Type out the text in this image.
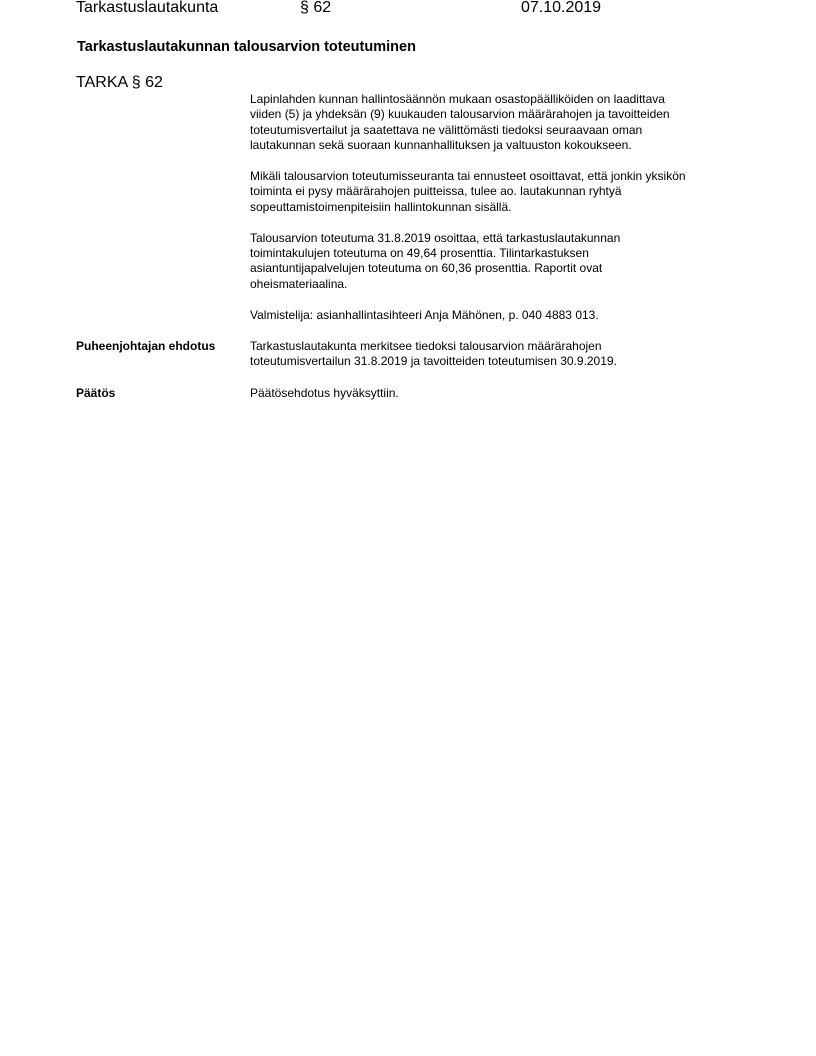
Tarkastuslautakunta	§ 62	07.10.2019
Tarkastuslautakunnan talousarvion toteutuminen
TARKA § 62

Lapinlahden kunnan hallintosäännön mukaan osastopäälliköiden on laadittava
viiden (5) ja yhdeksän (9) kuukauden talousarvion määrärahojen ja tavoitteiden
toteutumisvertailut ja saatettava ne välittömästi tiedoksi seuraavaan oman
lautakunnan sekä suoraan kunnanhallituksen ja valtuuston kokoukseen.

Mikäli talousarvion toteutumisseuranta tai ennusteet osoittavat, että jonkin yksikön
toiminta ei pysy määrärahojen puitteissa, tulee ao. lautakunnan ryhtyä
sopeuttamistoimenpiteisiin hallintokunnan sisällä.

Talousarvion toteutuma 31.8.2019 osoittaa, että tarkastuslautakunnan
toimintakulujen toteutuma on 49,64 prosenttia. Tilintarkastuksen
asiantuntijapalvelujen toteutuma on 60,36 prosenttia. Raportit ovat
oheismateriaalina.

Valmistelija: asianhallintasihteeri Anja Mähönen, p. 040 4883 013.

Puheenjohtajan ehdotus	Tarkastuslautakunta merkitsee tiedoksi talousarvion määrärahojen
toteutumisvertailun 31.8.2019 ja tavoitteiden toteutumisen 30.9.2019.
Päätös	Päätösehdotus hyväksyttiin.
